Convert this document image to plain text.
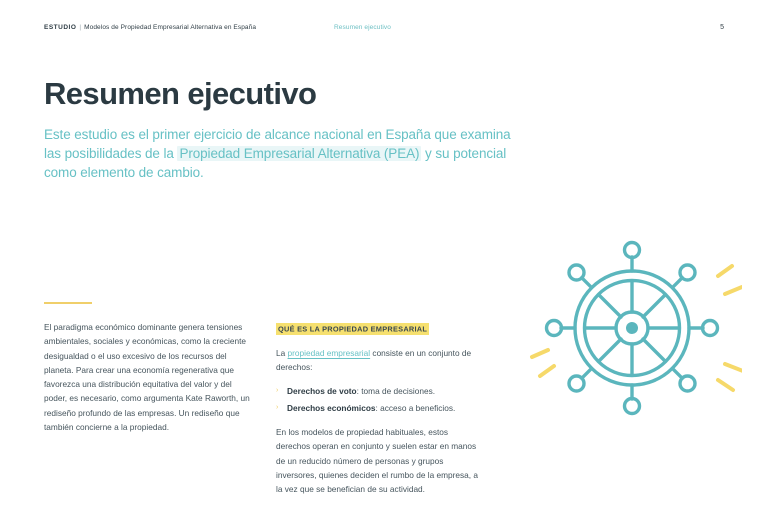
ESTUDIO | Modelos de Propiedad Empresarial Alternativa en España	Resumen ejecutivo	5
Resumen ejecutivo
Este estudio es el primer ejercicio de alcance nacional en España que examina las posibilidades de la Propiedad Empresarial Alternativa (PEA) y su potencial como elemento de cambio.

El paradigma económico dominante genera tensiones ambientales, sociales y económicas, como la creciente desigualdad o el uso excesivo de los recursos del planeta. Para crear una economía regenerativa que favorezca una distribución equitativa del valor y del poder, es necesario, como argumenta Kate Raworth, un rediseño profundo de las empresas. Un rediseño que también concierne a la propiedad.

QUÉ ES LA PROPIEDAD EMPRESARIAL

La propiedad empresarial consiste en un conjunto de derechos:

› Derechos de voto: toma de decisiones.
› Derechos económicos: acceso a beneficios.

En los modelos de propiedad habituales, estos derechos operan en conjunto y suelen estar en manos de un reducido número de personas y grupos inversores, quienes deciden el rumbo de la empresa, a la vez que se benefician de su actividad.
